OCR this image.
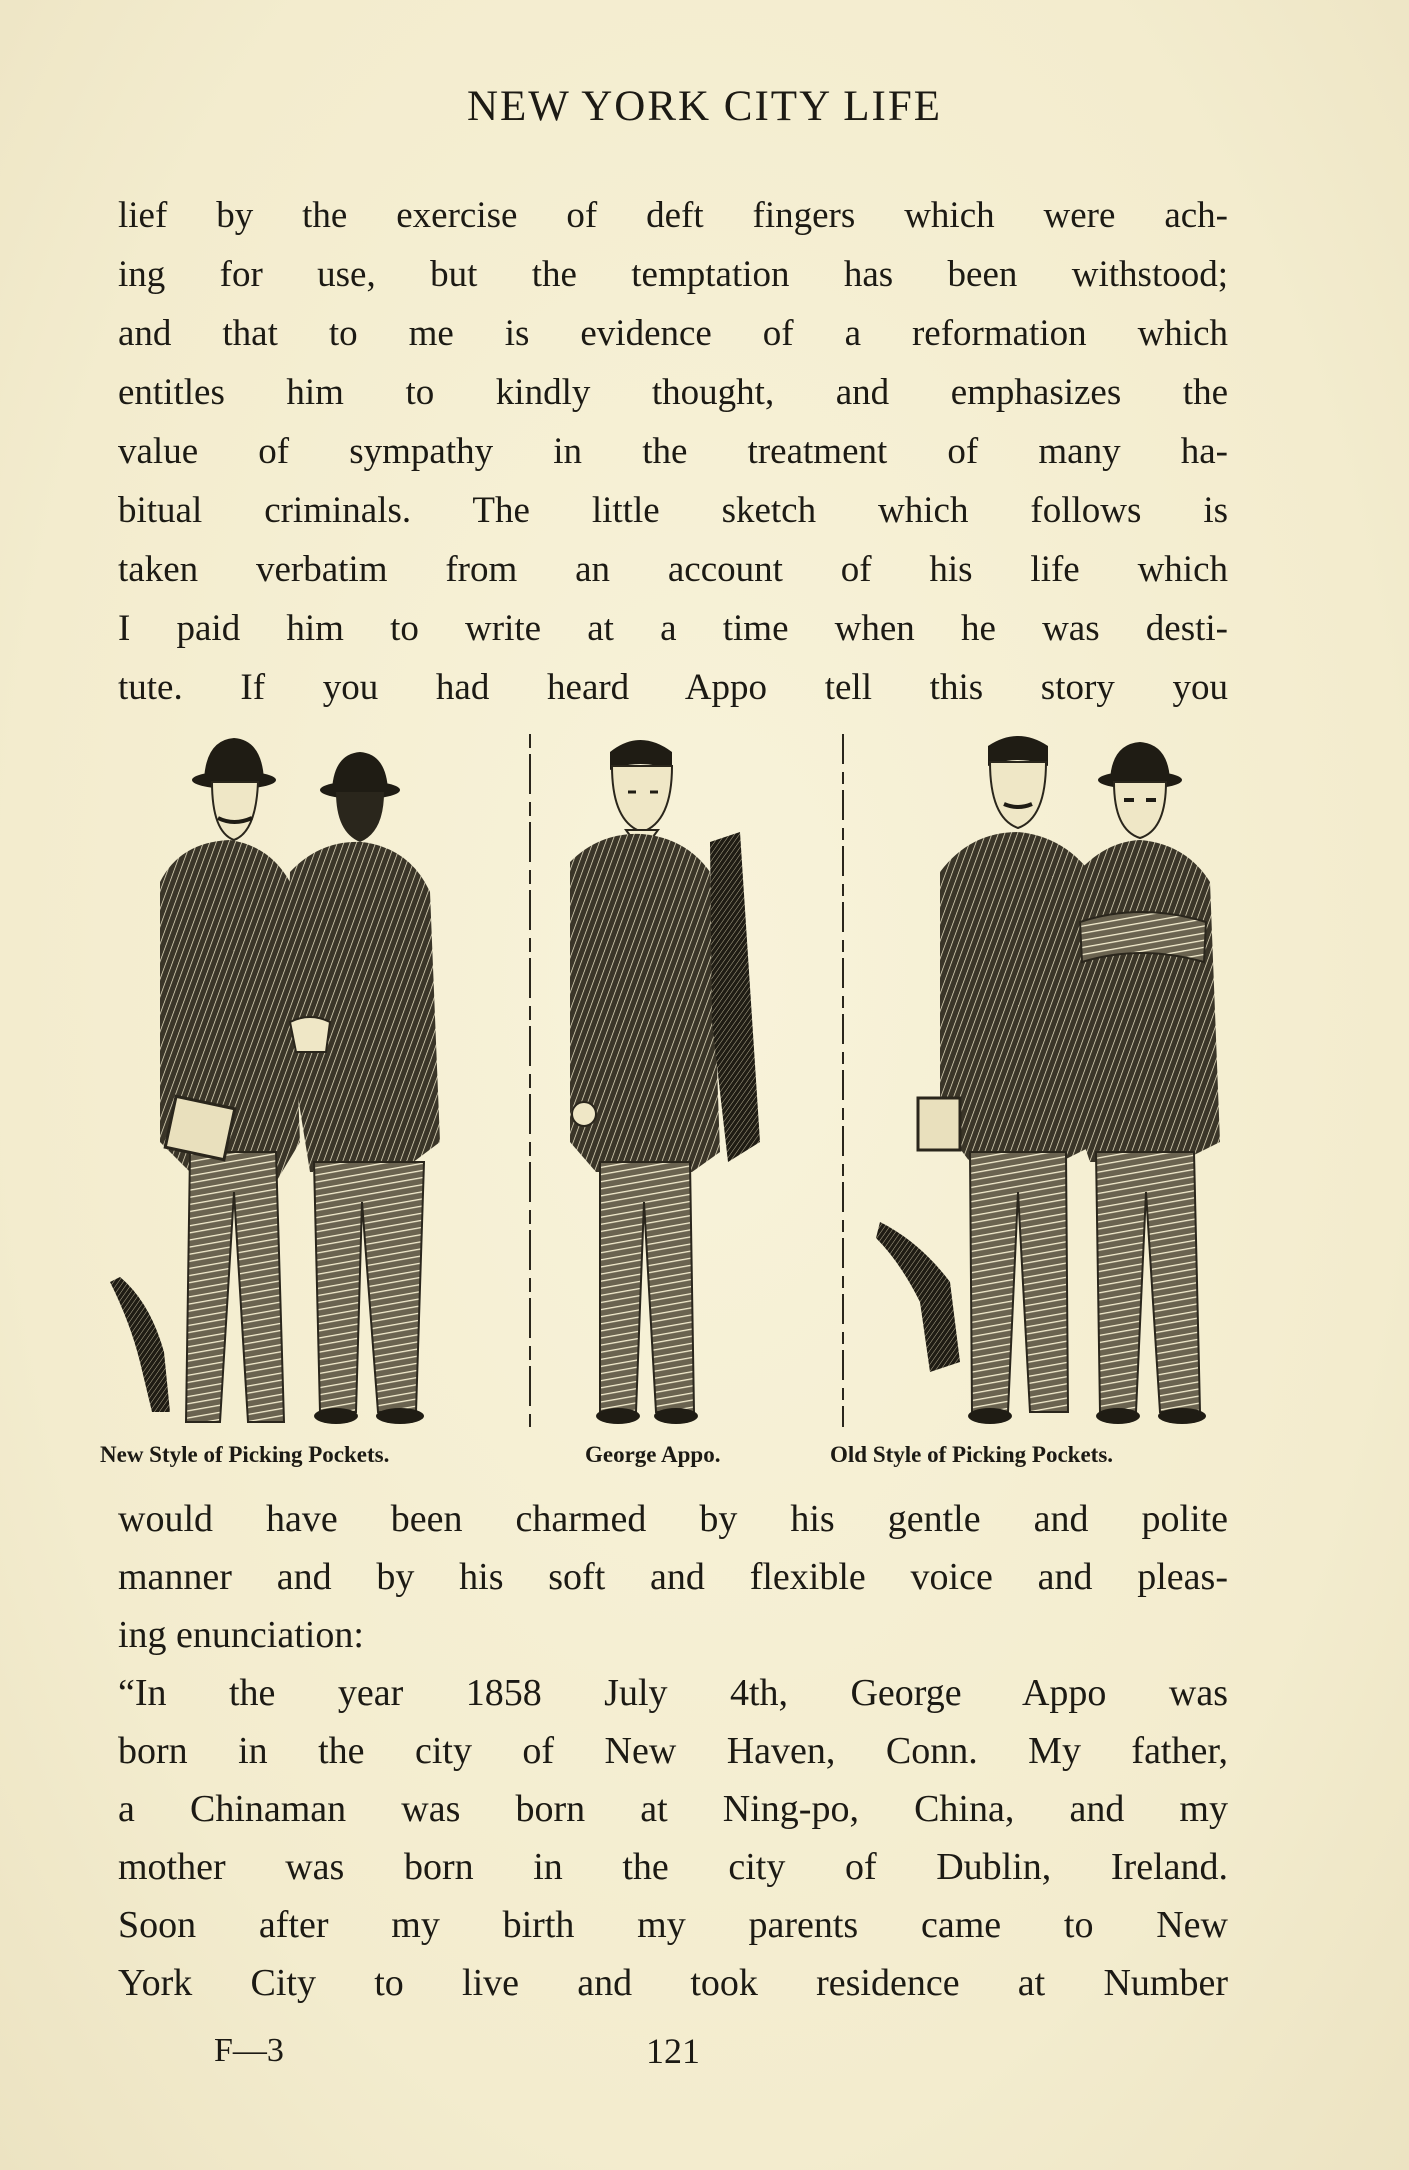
NEW YORK CITY LIFE
lief by the exercise of deft fingers which were ach-
ing for use, but the temptation has been withstood;
and that to me is evidence of a reformation which
entitles him to kindly thought, and emphasizes the
value of sympathy in the treatment of many ha-
bitual criminals. The little sketch which follows is
taken verbatim from an account of his life which
I paid him to write at a time when he was desti-
tute. If you had heard Appo tell this story you
New Style of Picking Pockets.	George Appo.	Old Style of Picking Pockets.
would have been charmed by his gentle and polite
manner and by his soft and flexible voice and pleas-
ing enunciation:
“In the year 1858 July 4th, George Appo was
born in the city of New Haven, Conn. My father,
a Chinaman was born at Ning-po, China, and my
mother was born in the city of Dublin, Ireland.
Soon after my birth my parents came to New
York City to live and took residence at Number
F—3	121
